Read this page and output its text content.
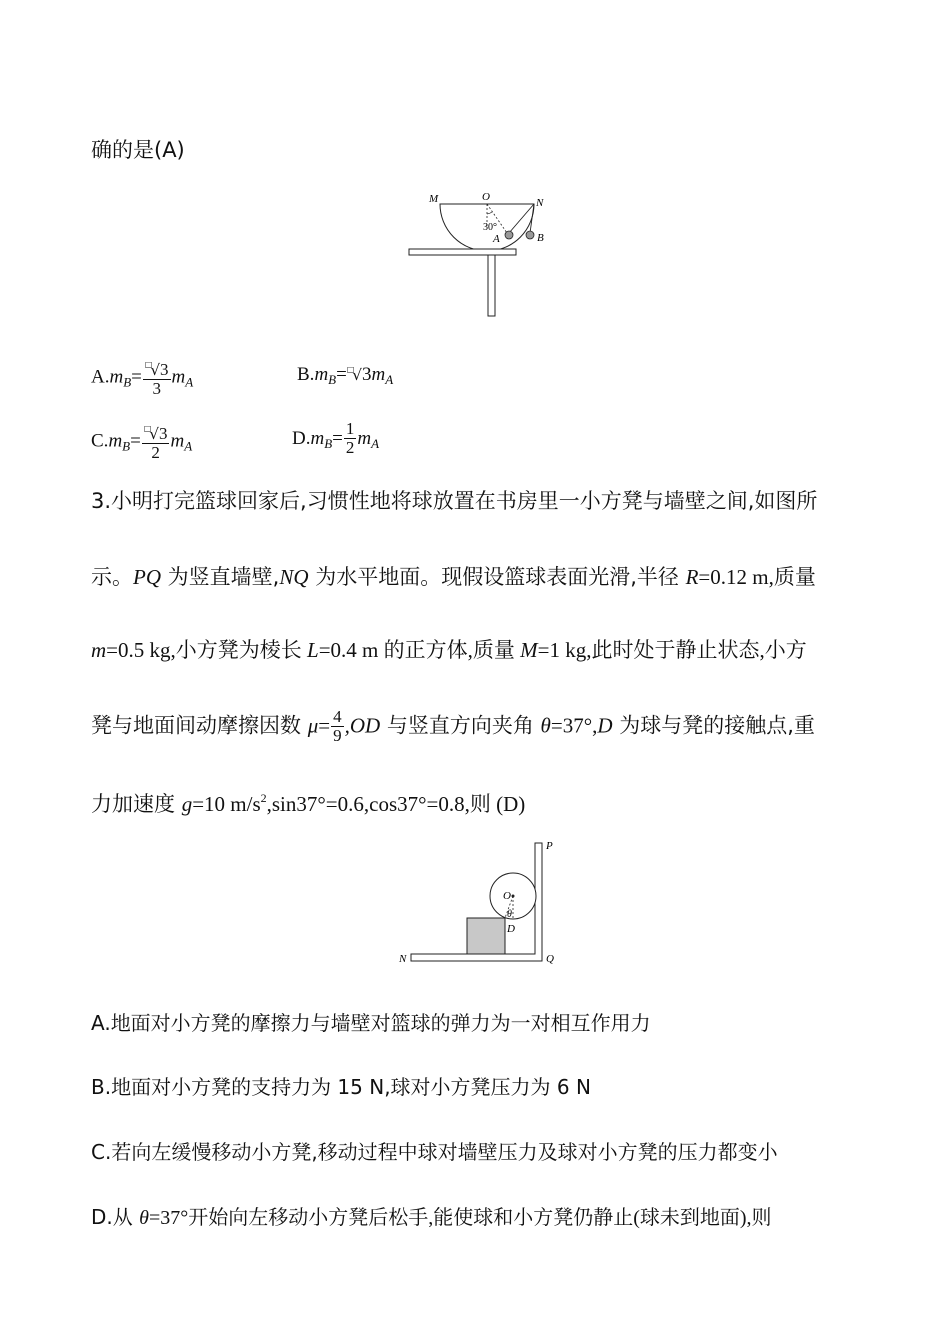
确的是(A)
M	O	N
30°
A	B
$A.m_B= \frac{^□√3}{3} m_A$	$B.m_B=^□√3m_A$
$C.m_B= \frac{^□√3}{2} m_A$	$D.m_B= \frac{1}{2} m_A$
3.小明打完篮球回家后,习惯性地将球放置在书房里一小方凳与墙壁之间,如图所
示。PQ 为竖直墙壁,NQ 为水平地面。现假设篮球表面光滑,半径 R=0.12 m,质量
m=0.5 kg,小方凳为棱长 L=0.4 m 的正方体,质量 M=1 kg,此时处于静止状态,小方
凳与地面间动摩擦因数 $\mu= \frac{4}{9} ,OD$ 与竖直方向夹角 θ=37°,D 为球与凳的接触点,重
力加速度 g=10 $m/s^2,\sin 37^\circ=0.6,\cos 37^\circ=0.8$,则 (D)
P
O
θ
D
N	Q
A.地面对小方凳的摩擦力与墙壁对篮球的弹力为一对相互作用力
B.地面对小方凳的支持力为 15 N,球对小方凳压力为 6 N
C.若向左缓慢移动小方凳,移动过程中球对墙壁压力及球对小方凳的压力都变小
D.从 θ=37°开始向左移动小方凳后松手,能使球和小方凳仍静止(球未到地面),则
